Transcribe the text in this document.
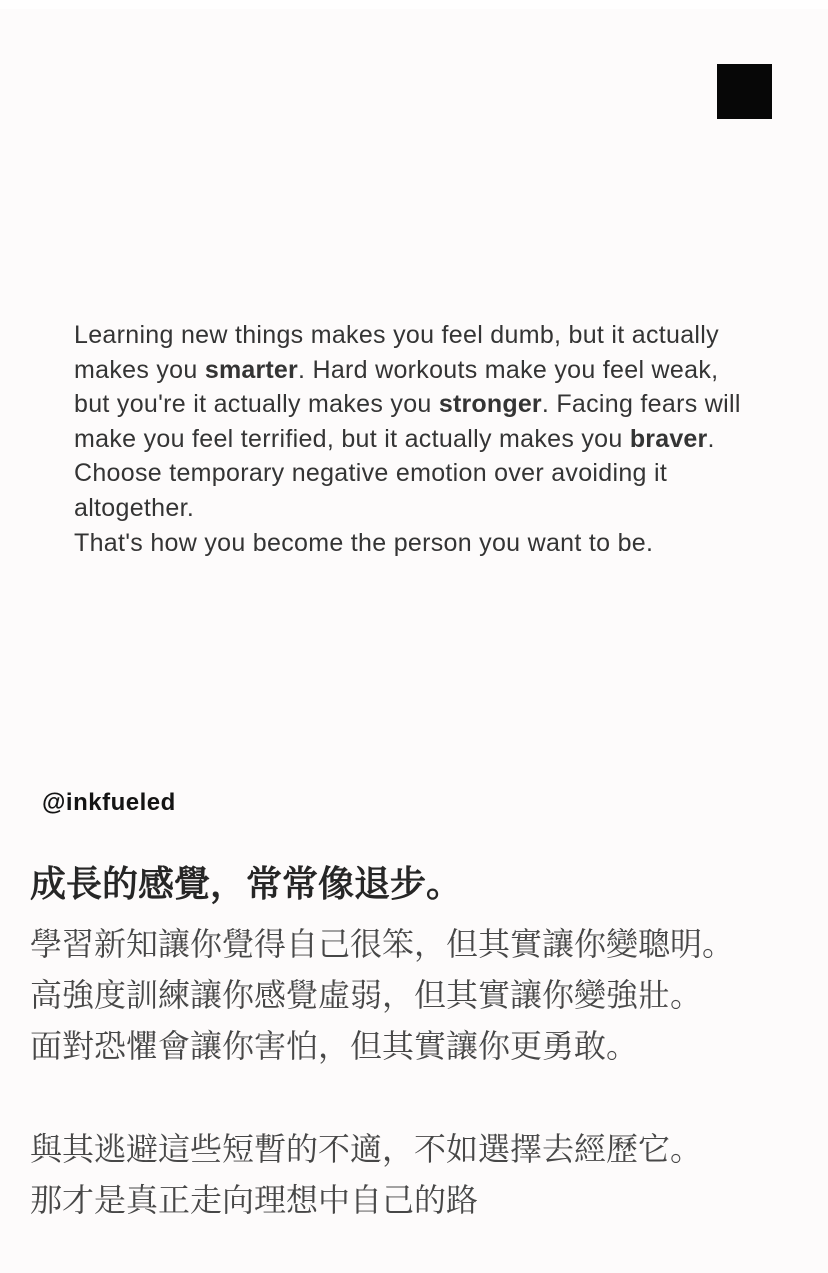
Learning new things makes you feel dumb, but it actually
makes you smarter. Hard workouts make you feel weak,
but you're it actually makes you stronger. Facing fears will
make you feel terrified, but it actually makes you braver.
Choose temporary negative emotion over avoiding it
altogether.
That's how you become the person you want to be.

@inkfueled

成長的感覺，常常像退步。

學習新知讓你覺得自己很笨，但其實讓你變聰明。
高強度訓練讓你感覺虛弱，但其實讓你變強壯。
面對恐懼會讓你害怕，但其實讓你更勇敢。

與其逃避這些短暫的不適，不如選擇去經歷它。
那才是真正走向理想中自己的路
